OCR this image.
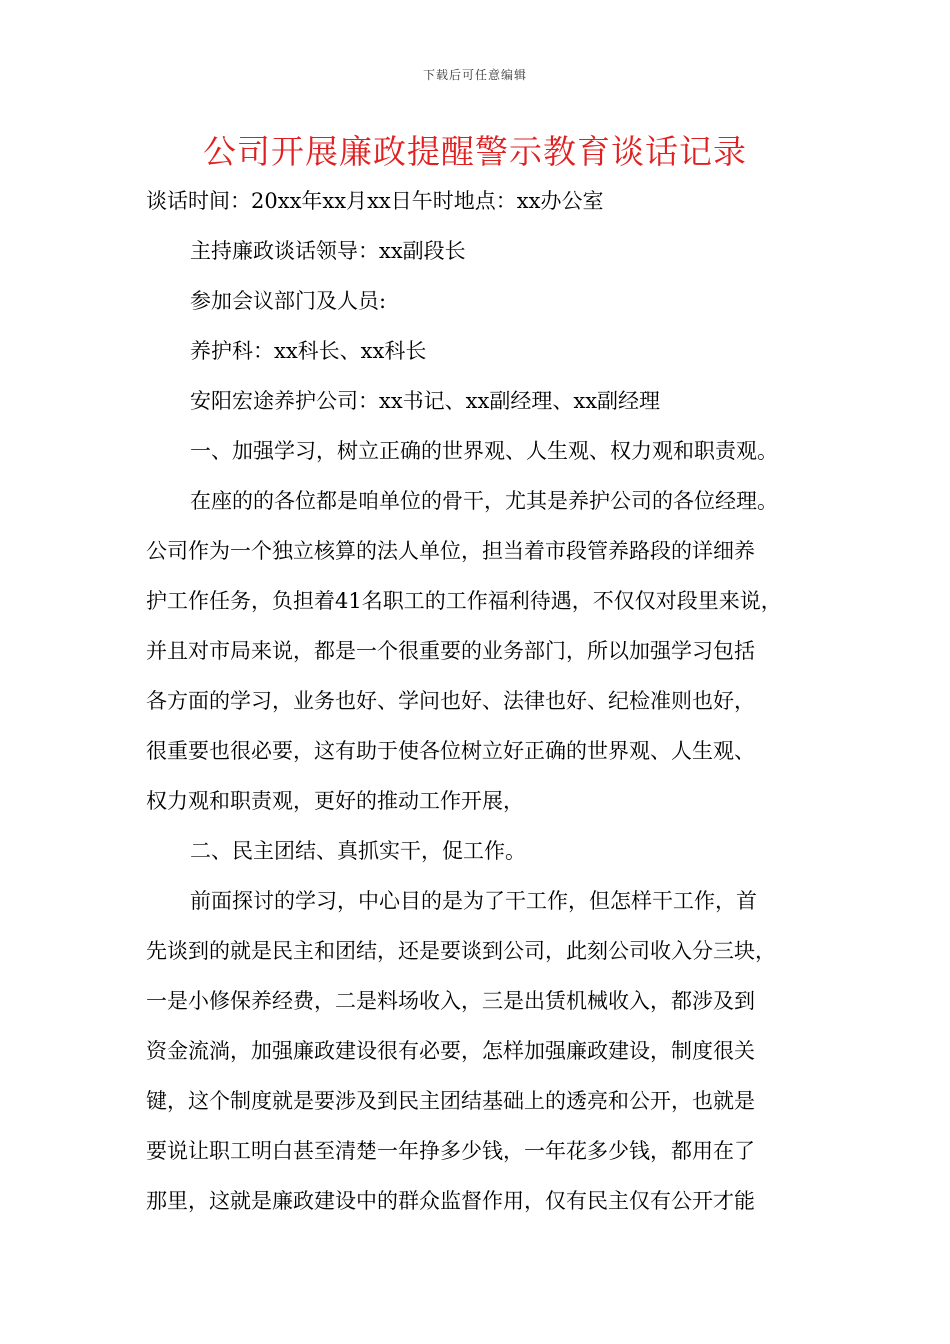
下载后可任意编辑
公司开展廉政提醒警示教育谈话记录
谈话时间：20xx年xx月xx日午时地点：xx办公室
主持廉政谈话领导：xx副段长
参加会议部门及人员:
养护科：xx科长、xx科长
安阳宏途养护公司：xx书记、xx副经理、xx副经理
一、加强学习，树立正确的世界观、人生观、权力观和职责观。
在座的的各位都是咱单位的骨干，尤其是养护公司的各位经理。
公司作为一个独立核算的法人单位，担当着市段管养路段的详细养
护工作任务，负担着41名职工的工作福利待遇，不仅仅对段里来说，
并且对市局来说，都是一个很重要的业务部门，所以加强学习包括
各方面的学习，业务也好、学问也好、法律也好、纪检准则也好，
很重要也很必要，这有助于使各位树立好正确的世界观、人生观、
权力观和职责观，更好的推动工作开展，
二、民主团结、真抓实干，促工作。
前面探讨的学习，中心目的是为了干工作，但怎样干工作，首
先谈到的就是民主和团结，还是要谈到公司，此刻公司收入分三块，
一是小修保养经费，二是料场收入，三是出赁机械收入，都涉及到
资金流淌，加强廉政建设很有必要，怎样加强廉政建设，制度很关
键，这个制度就是要涉及到民主团结基础上的透亮和公开，也就是
要说让职工明白甚至清楚一年挣多少钱，一年花多少钱，都用在了
那里，这就是廉政建设中的群众监督作用，仅有民主仅有公开才能
